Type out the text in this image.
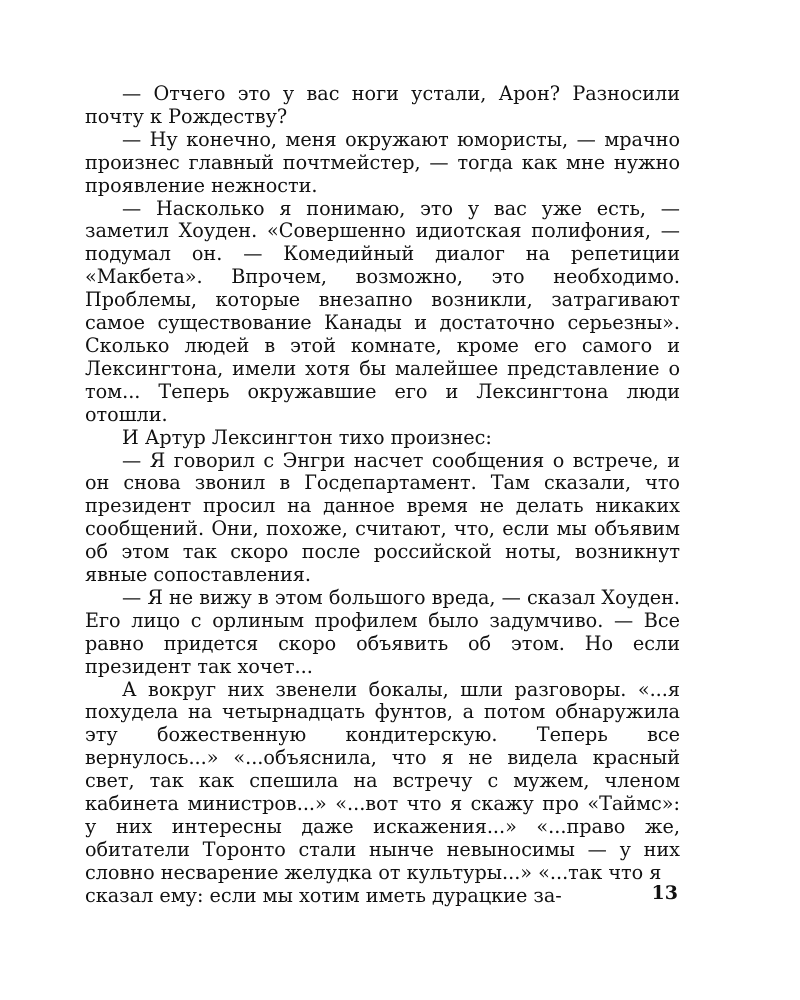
— Отчего это у вас ноги устали, Арон? Разносили почту к Рождеству?

— Ну конечно, меня окружают юмористы, — мрачно произнес главный почтмейстер, — тогда как мне нужно проявление нежности.

— Насколько я понимаю, это у вас уже есть, — заметил Хоуден. «Совершенно идиотская полифония, — подумал он. — Комедийный диалог на репетиции «Макбета». Впрочем, возможно, это необходимо. Проблемы, которые внезапно возникли, затрагивают самое существование Канады и достаточно серьезны». Сколько людей в этой комнате, кроме его самого и Лексингтона, имели хотя бы малейшее представление о том... Теперь окружавшие его и Лексингтона люди отошли.

И Артур Лексингтон тихо произнес:

— Я говорил с Энгри насчет сообщения о встрече, и он снова звонил в Госдепартамент. Там сказали, что президент просил на данное время не делать никаких сообщений. Они, похоже, считают, что, если мы объявим об этом так скоро после российской ноты, возникнут явные сопоставления.

— Я не вижу в этом большого вреда, — сказал Хоуден. Его лицо с орлиным профилем было задумчиво. — Все равно придется скоро объявить об этом. Но если президент так хочет...

А вокруг них звенели бокалы, шли разговоры. «...я похудела на четырнадцать фунтов, а потом обнаружила эту божественную кондитерскую. Теперь все вернулось...» «...объяснила, что я не видела красный свет, так как спешила на встречу с мужем, членом кабинета министров...» «...вот что я скажу про «Таймс»: у них интересны даже искажения...» «...право же, обитатели Торонто стали нынче невыносимы — у них словно несварение желудка от культуры...» «...так что я

сказал ему: если мы хотим иметь дурацкие за-	13
